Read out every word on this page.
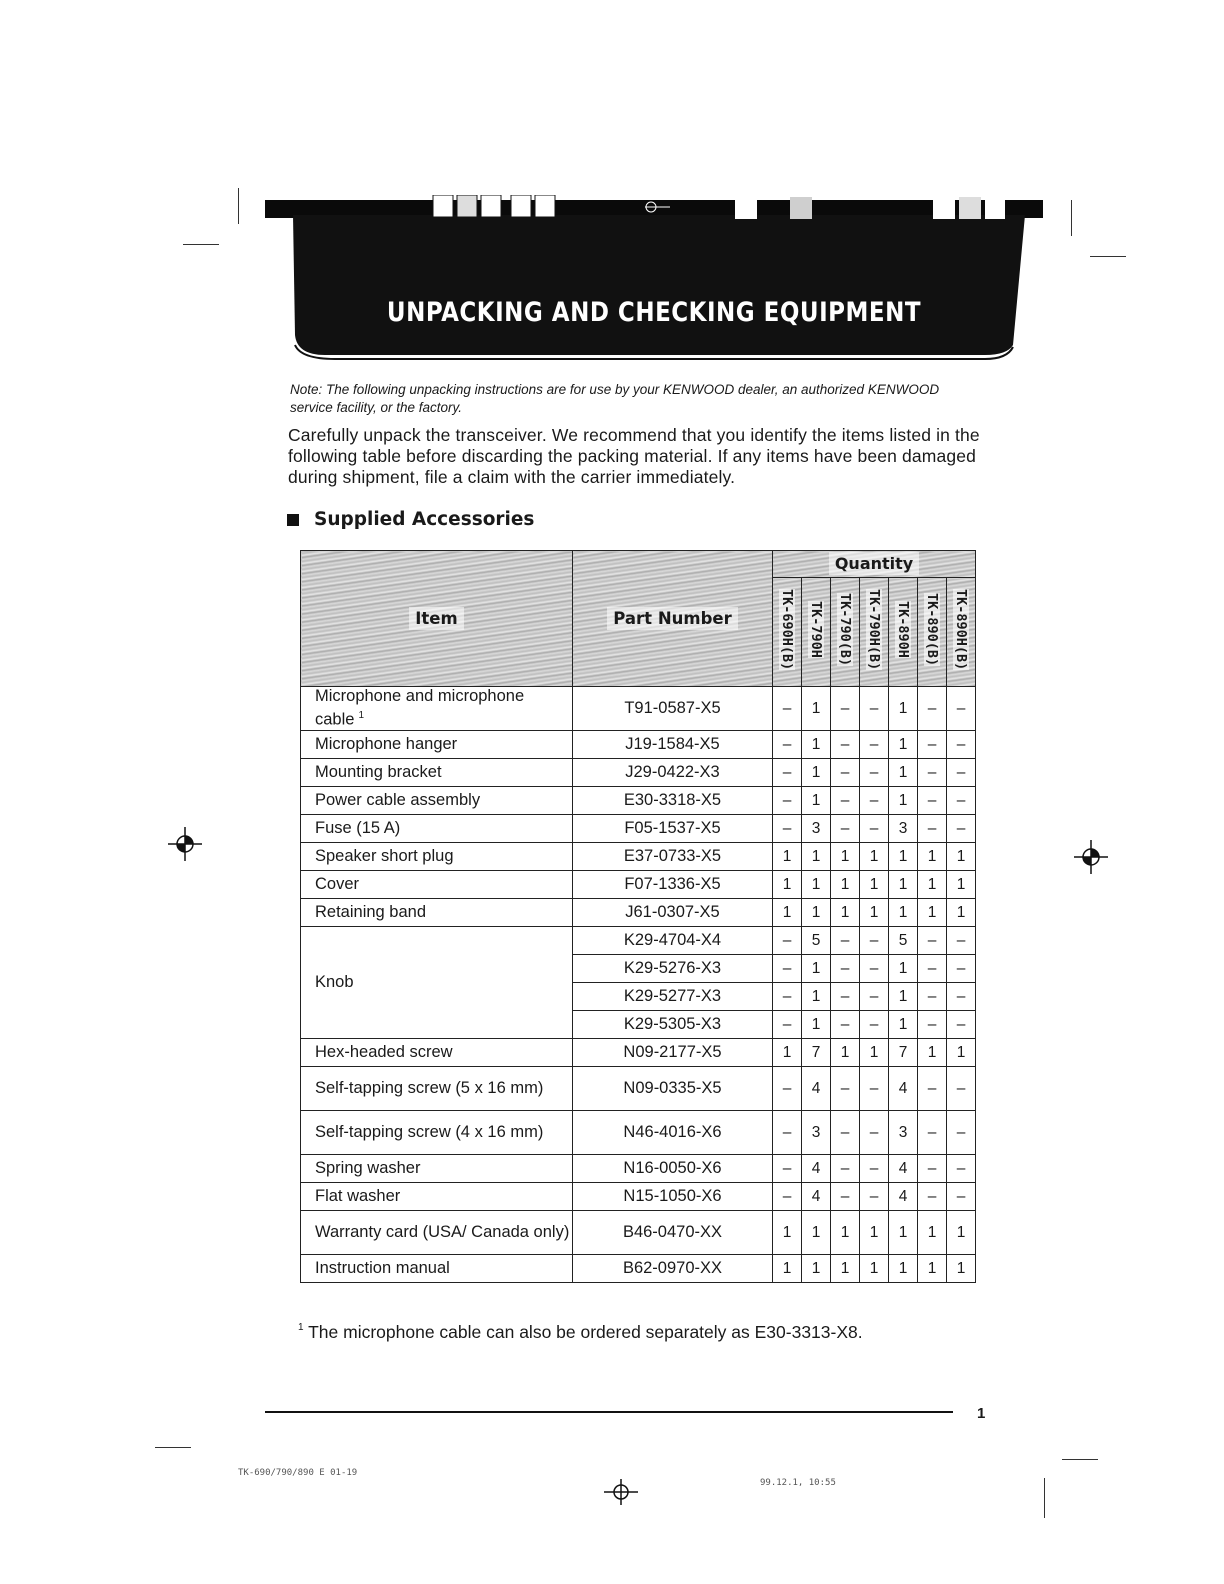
UNPACKING AND CHECKING EQUIPMENT
Note: The following unpacking instructions are for use by your KENWOOD dealer, an authorized KENWOOD service facility, or the factory.
Carefully unpack the transceiver. We recommend that you identify the items listed in the following table before discarding the packing material. If any items have been damaged during shipment, file a claim with the carrier immediately.
Supplied Accessories
Item	Part Number	Quantity						
		TK-690H(B)	TK-790H	TK-790(B)	TK-790H(B)	TK-890H	TK-890(B)	TK-890H(B)
Microphone and microphone cable $^1$	T91-0587-X5	–	1	–	–	1	–	–
Microphone hanger	J19-1584-X5	–	1	–	–	1	–	–
Mounting bracket	J29-0422-X3	–	1	–	–	1	–	–
Power cable assembly	E30-3318-X5	–	1	–	–	1	–	–
Fuse (15 A)	F05-1537-X5	–	3	–	–	3	–	–
Speaker short plug	E37-0733-X5	1	1	1	1	1	1	1
Cover	F07-1336-X5	1	1	1	1	1	1	1
Retaining band	J61-0307-X5	1	1	1	1	1	1	1
Knob	K29-4704-X4	–	5	–	–	5	–	–
	K29-5276-X3	–	1	–	–	1	–	–
	K29-5277-X3	–	1	–	–	1	–	–
	K29-5305-X3	–	1	–	–	1	–	–
Hex-headed screw	N09-2177-X5	1	7	1	1	7	1	1
Self-tapping screw (5 x 16 mm)	N09-0335-X5	–	4	–	–	4	–	–
Self-tapping screw (4 x 16 mm)	N46-4016-X6	–	3	–	–	3	–	–
Spring washer	N16-0050-X6	–	4	–	–	4	–	–
Flat washer	N15-1050-X6	–	4	–	–	4	–	–
Warranty card (USA/ Canada only)	B46-0470-XX	1	1	1	1	1	1	1
Instruction manual	B62-0970-XX	1	1	1	1	1	1	1
$^1$ The microphone cable can also be ordered separately as E30-3313-X8.
1
TK-690/790/890 E 01-19
99.12.1, 10:55
